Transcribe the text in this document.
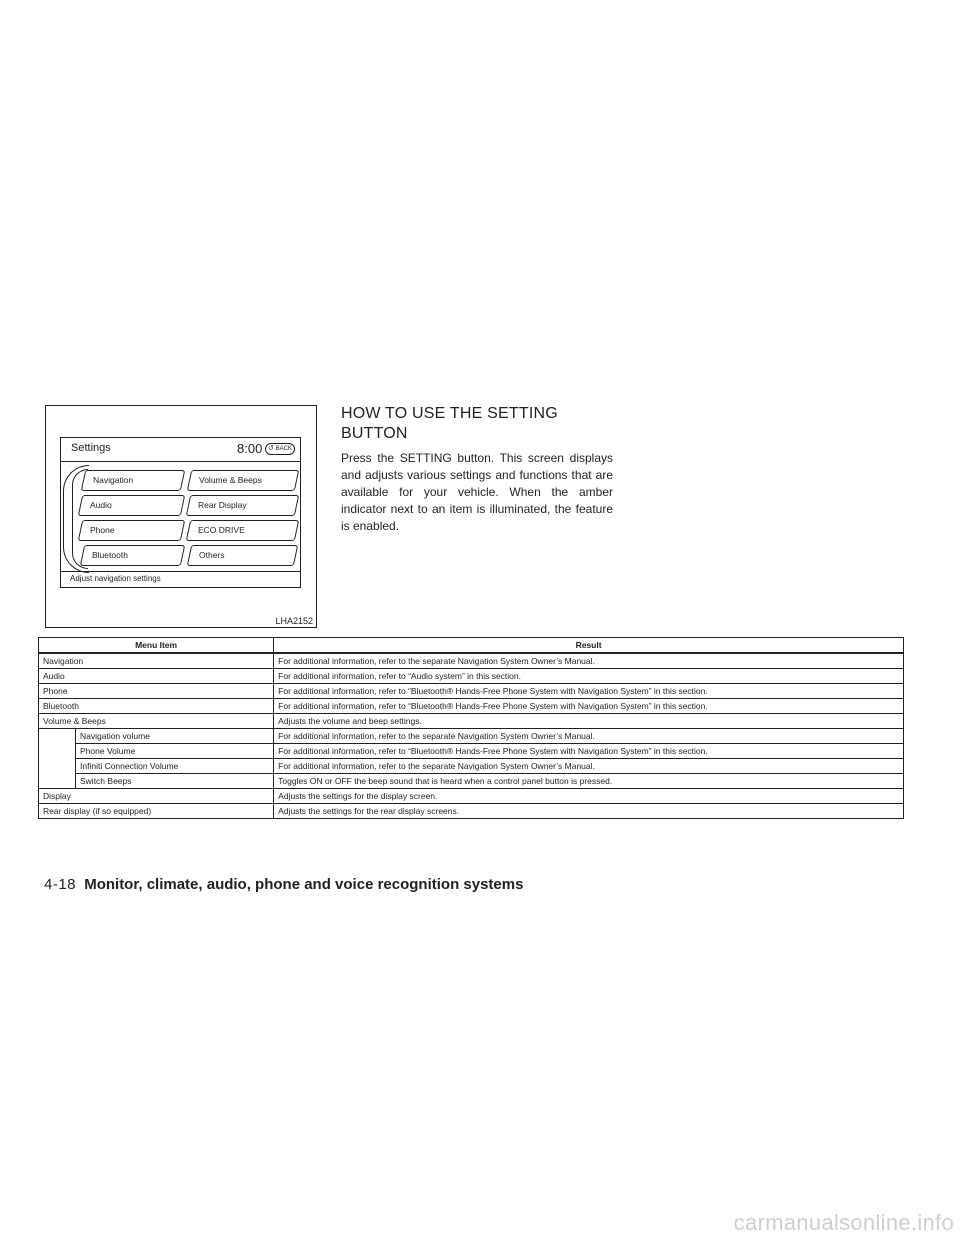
Settings	8:00 ↺ BACK
Navigation	Volume & Beeps
Audio	Rear Display
Phone	ECO DRIVE
Bluetooth	Others
Adjust navigation settings
LHA2152
HOW TO USE THE SETTING BUTTON
Press the SETTING button. This screen displays and adjusts various settings and functions that are available for your vehicle. When the amber indicator next to an item is illuminated, the feature is enabled.
Menu Item		Result
Navigation		For additional information, refer to the separate Navigation System Owner’s Manual.
Audio		For additional information, refer to “Audio system” in this section.
Phone		For additional information, refer to “Bluetooth® Hands-Free Phone System with Navigation System” in this section.
Bluetooth		For additional information, refer to “Bluetooth® Hands-Free Phone System with Navigation System” in this section.
Volume & Beeps		Adjusts the volume and beep settings.
	Navigation volume	For additional information, refer to the separate Navigation System Owner’s Manual.
	Phone Volume	For additional information, refer to “Bluetooth® Hands-Free Phone System with Navigation System” in this section.
	Infiniti Connection Volume	For additional information, refer to the separate Navigation System Owner’s Manual.
	Switch Beeps	Toggles ON or OFF the beep sound that is heard when a control panel button is pressed.
Display		Adjusts the settings for the display screen.
Rear display (if so equipped)		Adjusts the settings for the rear display screens.
4-18 Monitor, climate, audio, phone and voice recognition systems
carmanualsonline.info
